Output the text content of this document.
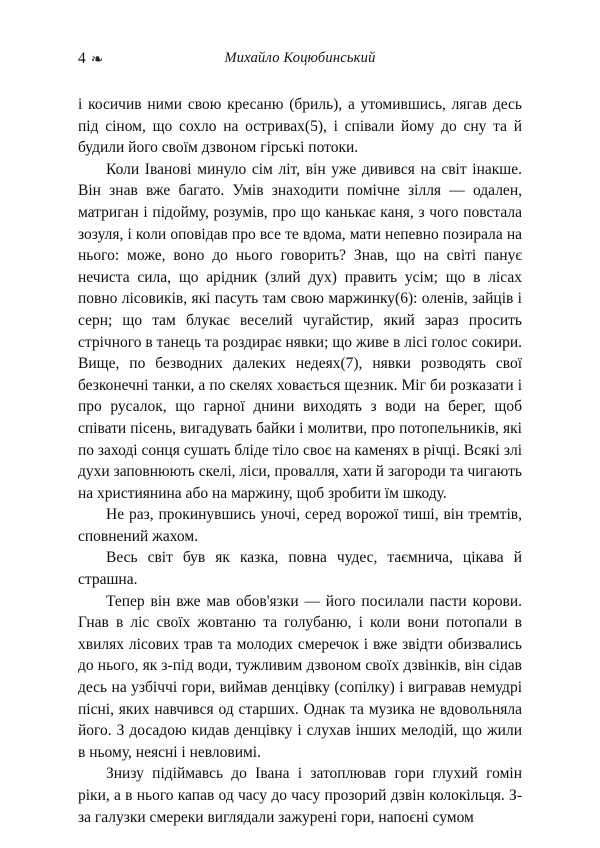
4 ❧	Михайло Коцюбинський

і косичив ними свою кресаню (бриль), а утомившись, лягав десь під сіном, що сохло на остривах(5), і співали йому до сну та й будили його своїм дзвоном гірські потоки.

Коли Іванові минуло сім літ, він уже дивився на світ інакше. Він знав вже багато. Умів знаходити помічне зілля — одален, матриган і підойму, розумів, про що канькає каня, з чого повстала зозуля, і коли оповідав про все те вдома, мати непевно позирала на нього: може, воно до нього говорить? Знав, що на світі панує нечиста сила, що арідник (злий дух) править усім; що в лісах повно лісовиків, які пасуть там свою маржинку(6): оленів, зайців і серн; що там блукає веселий чугайстир, який зараз просить стрічного в танець та роздирає нявки; що живе в лісі голос сокири. Вище, по безводних далеких недеях(7), нявки розводять свої безконечні танки, а по скелях ховається щезник. Міг би розказати і про русалок, що гарної днини виходять з води на берег, щоб співати пісень, вигадувать байки і молитви, про потопельників, які по заході сонця сушать бліде тіло своє на каменях в річці. Всякі злі духи заповнюють скелі, ліси, провалля, хати й загороди та чигають на християнина або на маржину, щоб зробити їм шкоду.

Не раз, прокинувшись уночі, серед ворожої тиші, він тремтів, сповнений жахом.

Весь світ був як казка, повна чудес, таємнича, цікава й страшна.

Тепер він вже мав обов'язки — його посилали пасти корови. Гнав в ліс своїх жовтаню та голубаню, і коли вони потопали в хвилях лісових трав та молодих смеречок і вже звідти обизвались до нього, як з-під води, тужливим дзвоном своїх дзвінків, він сідав десь на узбіччі гори, виймав денцівку (сопілку) і вигравав немудрі пісні, яких навчився од старших. Однак та музика не вдовольняла його. З досадою кидав денцівку і слухав інших мелодій, що жили в ньому, неясні і невловимі.

Знизу підіймавсь до Івана і затоплював гори глухий гомін ріки, а в нього капав од часу до часу прозорий дзвін колокільця. З-за галузки смереки виглядали зажурені гори, напоєні сумом
